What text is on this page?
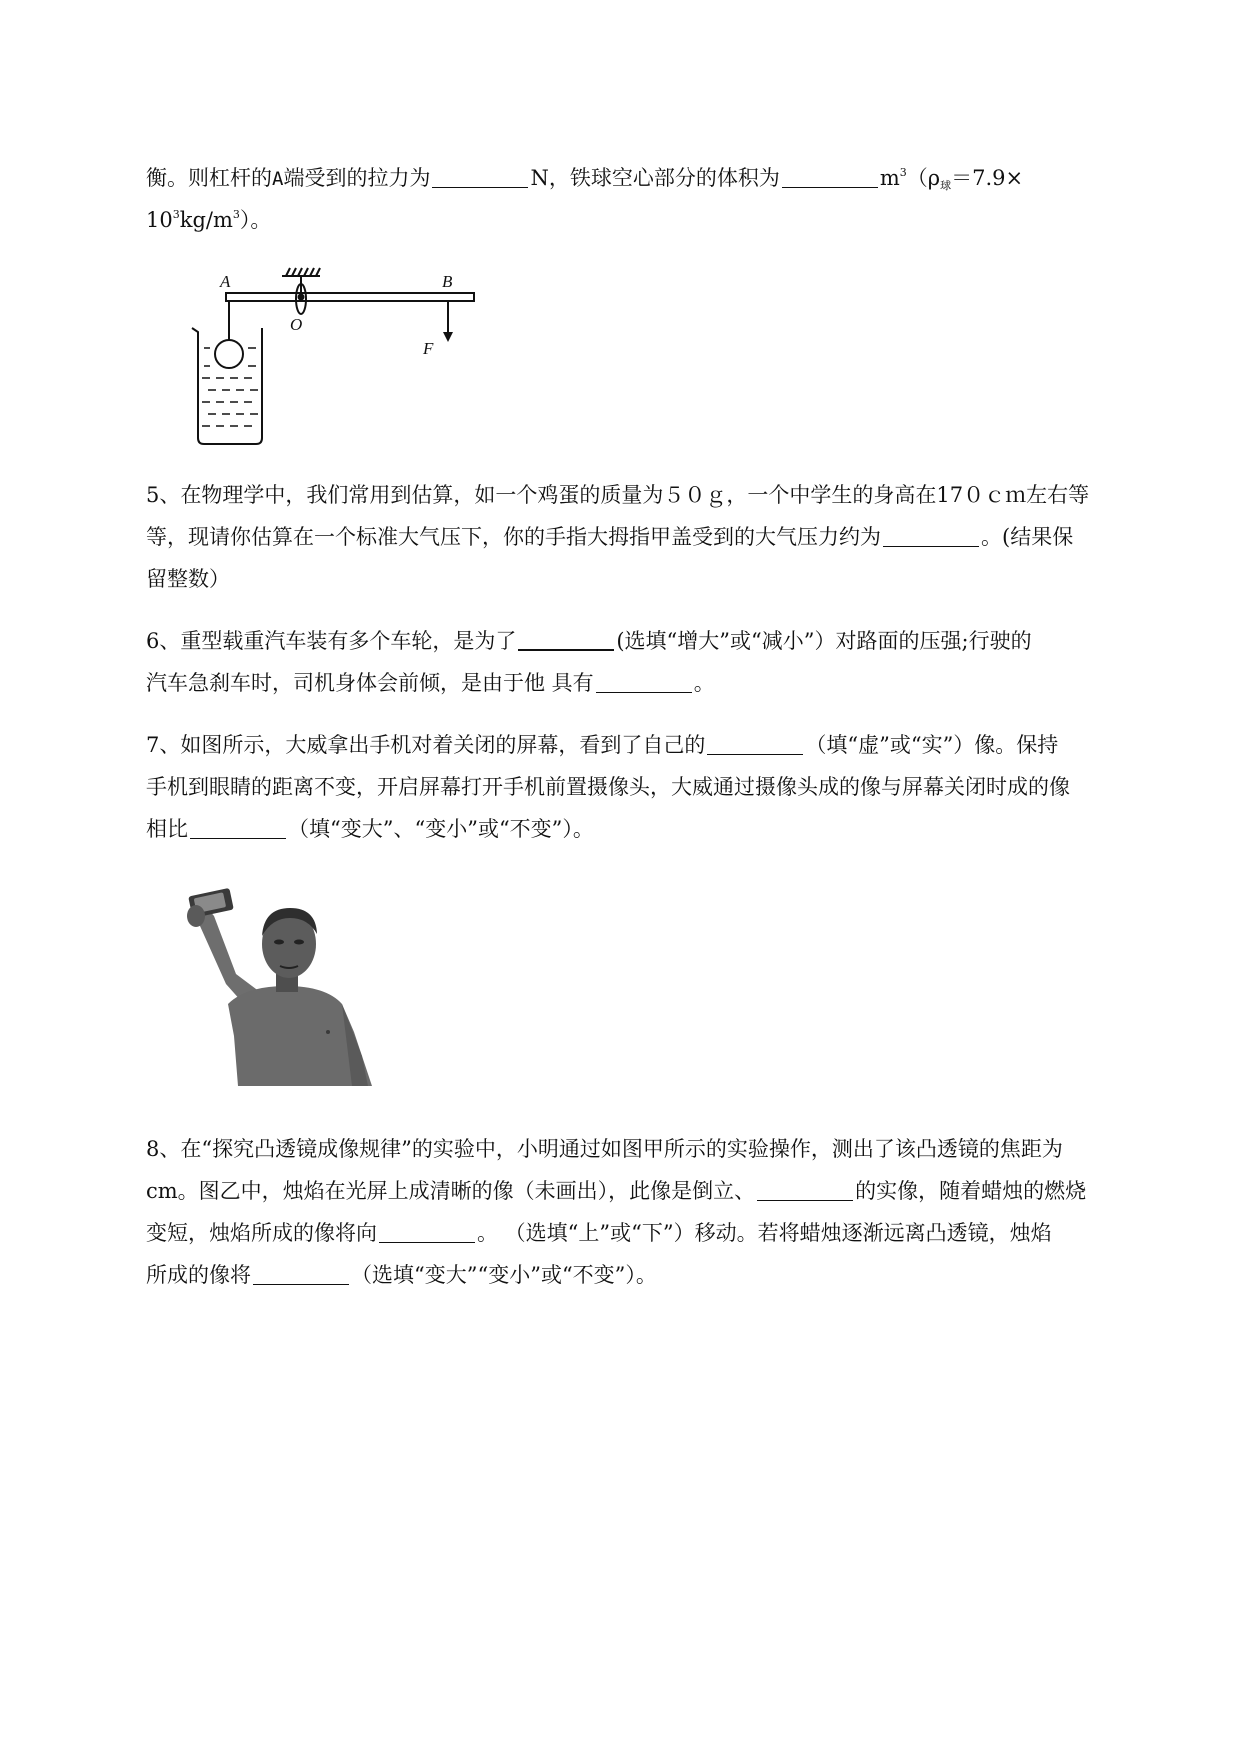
衡。则杠杆的A端受到的拉力为	N，铁球空心部分的体积为	$m^3(\rho_球=7.9\times$

$10^3kg/m^3$）。

A	B
O
F

5、在物理学中，我们常用到估算，如一个鸡蛋的质量为５０ｇ，一个中学生的身高在17０ｃｍ左右等
等，现请你估算在一个标准大气压下，你的手指大拇指甲盖受到的大气压力约为	。(结果保
留整数）

6、重型载重汽车装有多个车轮，是为了	(选填“增大”或“减小”）对路面的压强;行驶的
汽车急刹车时，司机身体会前倾，是由于他 具有	。

7、如图所示，大威拿出手机对着关闭的屏幕，看到了自己的	（填“虚”或“实”）像。保持
手机到眼睛的距离不变，开启屏幕打开手机前置摄像头，大威通过摄像头成的像与屏幕关闭时成的像
相比	（填“变大”、“变小”或“不变”）。

8、在“探究凸透镜成像规律”的实验中，小明通过如图甲所示的实验操作，测出了该凸透镜的焦距为
cm。图乙中，烛焰在光屏上成清晰的像（未画出），此像是倒立、	的实像，随着蜡烛的燃烧
变短，烛焰所成的像将向	。 （选填“上”或“下”）移动。若将蜡烛逐渐远离凸透镜，烛焰
所成的像将	（选填“变大”“变小”或“不变”）。
